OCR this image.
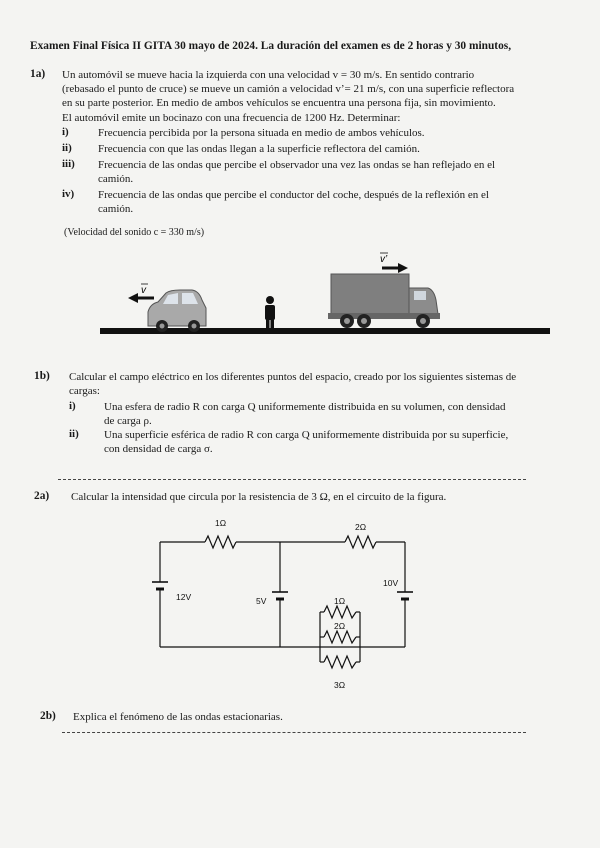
Examen Final Física II GITA 30 mayo de 2024. La duración del examen es de 2 horas y 30 minutos,
1a) Un automóvil se mueve hacia la izquierda con una velocidad v = 30 m/s. En sentido contrario
(rebasado el punto de cruce) se mueve un camión a velocidad v’= 21 m/s, con una superficie reflectora
en su parte posterior. En medio de ambos vehículos se encuentra una persona fija, sin movimiento.
El automóvil emite un bocinazo con una frecuencia de 1200 Hz. Determinar:
i)	Frecuencia percibida por la persona situada en medio de ambos vehículos.
ii) Frecuencia con que las ondas llegan a la superficie reflectora del camión.
iii) Frecuencia de las ondas que percibe el observador una vez las ondas se han reflejado en el
camión.
iv) Frecuencia de las ondas que percibe el conductor del coche, después de la reflexión en el
camión.
(Velocidad del sonido c = 330 m/s)
v
v’
1b) Calcular el campo eléctrico en los diferentes puntos del espacio, creado por los siguientes sistemas de
cargas:
i)	Una esfera de radio R con carga Q uniformemente distribuida en su volumen, con densidad
de carga ρ.
ii) Una superficie esférica de radio R con carga Q uniformemente distribuida por su superficie,
con densidad de carga σ.
2a) Calcular la intensidad que circula por la resistencia de 3 Ω, en el circuito de la figura.
1Ω	2Ω
12V	5V
10V
1Ω
2Ω
3Ω
2b) Explica el fenómeno de las ondas estacionarias.
